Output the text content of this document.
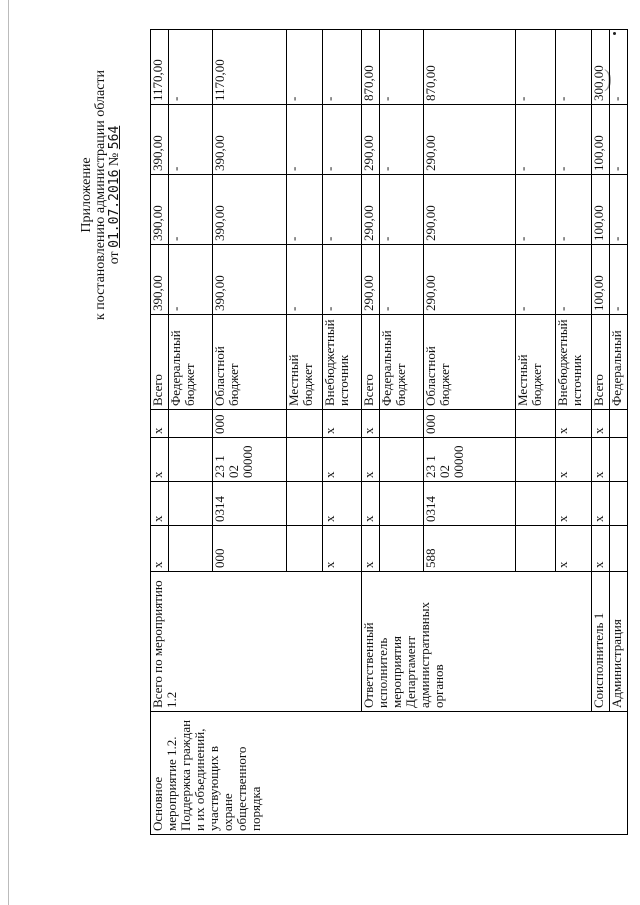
)
Приложение к постановлению администрации области от 01.07.2016 № 564
Основное мероприятие 1.2. Поддержка граждан и их объединений, участвующих в охране общественного порядка	Всего по мероприятию 1.2	х	х	х	х	Всего	390,00	390,00	390,00	1170,00
						Федеральный бюджет	-	-	-	-
		000	0314	23 1 02 00000	000	Областной бюджет	390,00	390,00	390,00	1170,00
						Местный бюджет	-	-	-	-
		х	х	х	х	Внебюджетный источник	-	-	-	-
	Ответственный исполнитель мероприятия Департамент административных органов	х	х	х	х	Всего	290,00	290,00	290,00	870,00
						Федеральный бюджет	-	-	-	-
		588	0314	23 1 02 00000	000	Областной бюджет	290,00	290,00	290,00	870,00
						Местный бюджет	-	-	-	-
		х	х	х	х	Внебюджетный источник	-	-	-	-
	Соисполнитель 1	х	х	х	х	Всего	100,00	100,00	100,00	300,00
	Администрация					Федеральный	-	-	-	-
